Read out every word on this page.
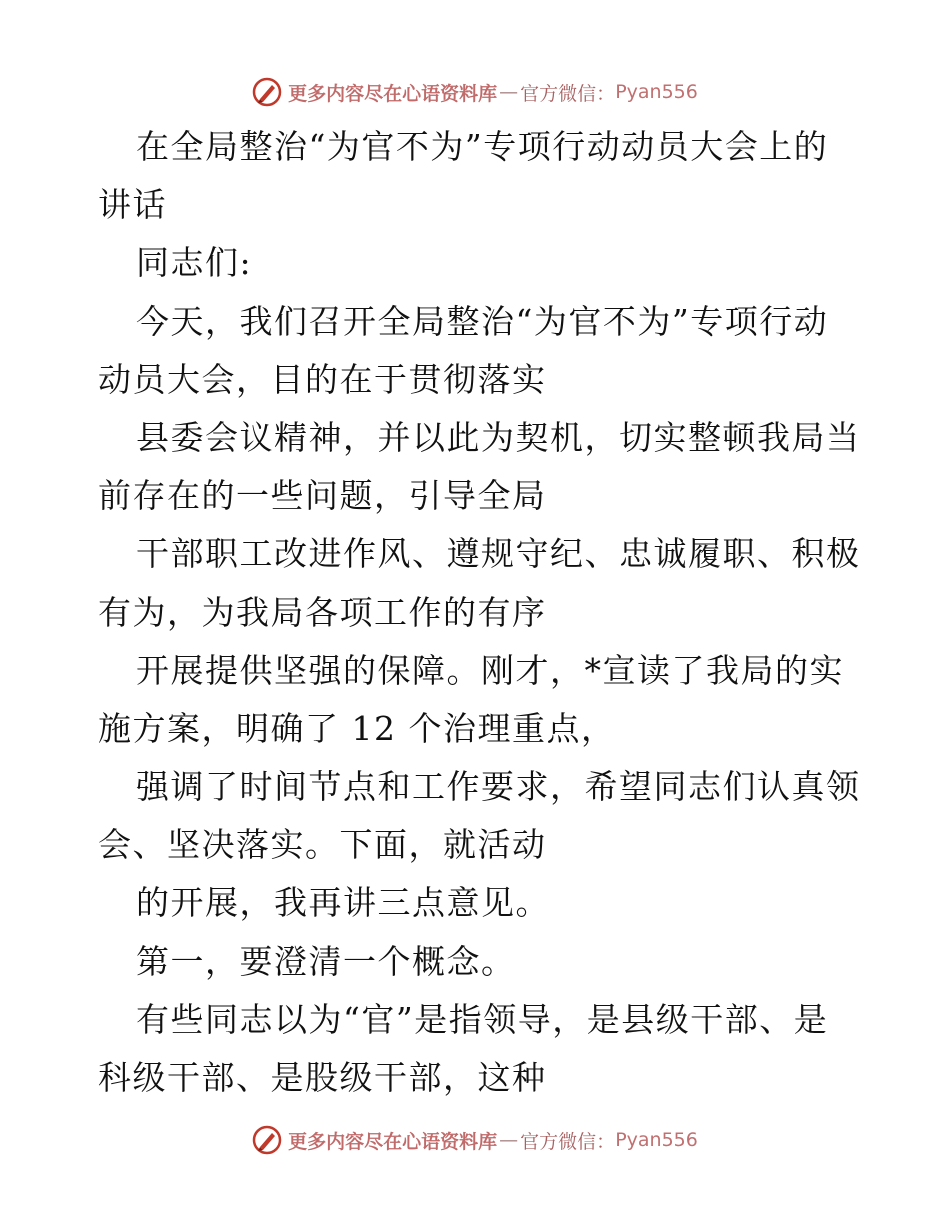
更多内容尽在心语资料库 — 官方微信： Pyan556
在全局整治“为官不为”专项行动动员大会上的
讲话
同志们:
今天，我们召开全局整治“为官不为”专项行动
动员大会，目的在于贯彻落实
县委会议精神，并以此为契机，切实整顿我局当
前存在的一些问题，引导全局
干部职工改进作风、遵规守纪、忠诚履职、积极
有为，为我局各项工作的有序
开展提供坚强的保障。刚才，*宣读了我局的实
施方案，明确了 12 个治理重点，
强调了时间节点和工作要求，希望同志们认真领
会、坚决落实。下面，就活动
的开展，我再讲三点意见。
第一，要澄清一个概念。
有些同志以为“官”是指领导，是县级干部、是
科级干部、是股级干部，这种
更多内容尽在心语资料库 — 官方微信： Pyan556
